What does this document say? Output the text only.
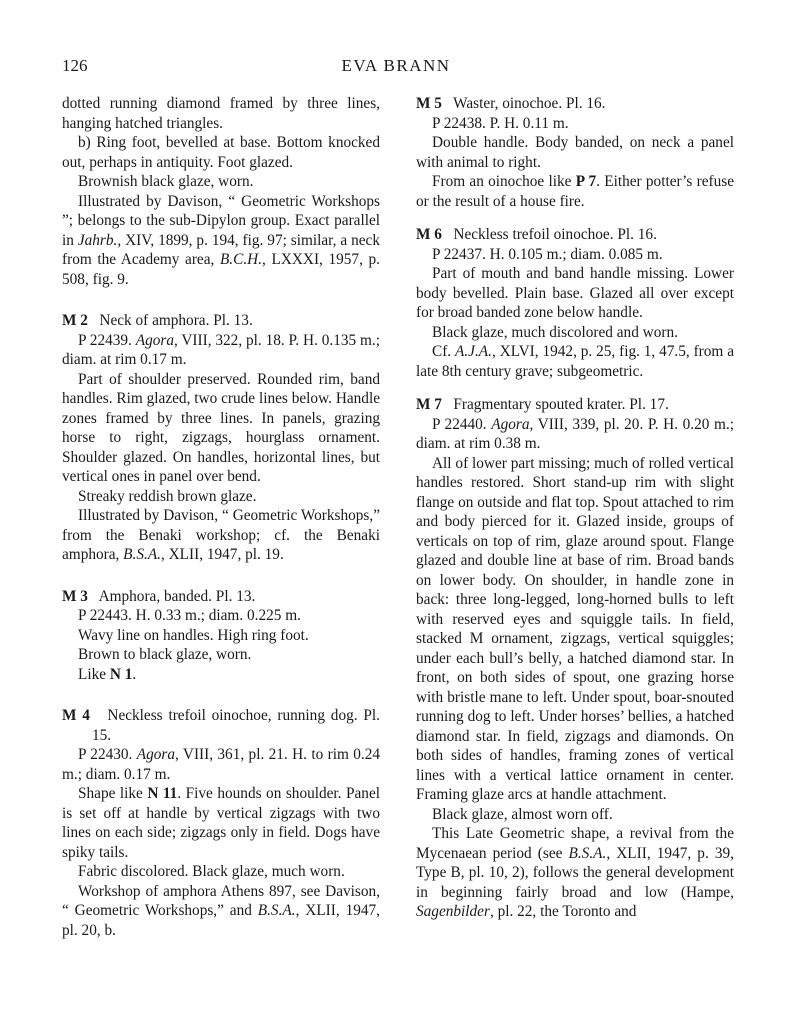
126	EVA BRANN

dotted running diamond framed by three lines, hanging hatched triangles.

b) Ring foot, bevelled at base. Bottom knocked out, perhaps in antiquity. Foot glazed.

Brownish black glaze, worn.

Illustrated by Davison, “ Geometric Workshops ”; belongs to the sub-Dipylon group. Exact parallel in Jahrb., XIV, 1899, p. 194, fig. 97; similar, a neck from the Academy area, B.C.H., LXXXI, 1957, p. 508, fig. 9.

M 2 Neck of amphora. Pl. 13.

P 22439. Agora, VIII, 322, pl. 18. P. H. 0.135 m.; diam. at rim 0.17 m.

Part of shoulder preserved. Rounded rim, band handles. Rim glazed, two crude lines below. Handle zones framed by three lines. In panels, grazing horse to right, zigzags, hourglass ornament. Shoulder glazed. On handles, horizontal lines, but vertical ones in panel over bend.

Streaky reddish brown glaze.

Illustrated by Davison, “ Geometric Workshops,” from the Benaki workshop; cf. the Benaki amphora, B.S.A., XLII, 1947, pl. 19.

M 3 Amphora, banded. Pl. 13.

P 22443. H. 0.33 m.; diam. 0.225 m.

Wavy line on handles. High ring foot.

Brown to black glaze, worn.

Like N 1.

M 4 Neckless trefoil oinochoe, running dog. Pl. 15.

P 22430. Agora, VIII, 361, pl. 21. H. to rim 0.24 m.; diam. 0.17 m.

Shape like N 11. Five hounds on shoulder. Panel is set off at handle by vertical zigzags with two lines on each side; zigzags only in field. Dogs have spiky tails.

Fabric discolored. Black glaze, much worn.

Workshop of amphora Athens 897, see Davison, “ Geometric Workshops,” and B.S.A., XLII, 1947, pl. 20, b.

M 5 Waster, oinochoe. Pl. 16.

P 22438. P. H. 0.11 m.

Double handle. Body banded, on neck a panel with animal to right.

From an oinochoe like P 7. Either potter’s refuse or the result of a house fire.

M 6 Neckless trefoil oinochoe. Pl. 16.

P 22437. H. 0.105 m.; diam. 0.085 m.

Part of mouth and band handle missing. Lower body bevelled. Plain base. Glazed all over except for broad banded zone below handle.

Black glaze, much discolored and worn.

Cf. A.J.A., XLVI, 1942, p. 25, fig. 1, 47.5, from a late 8th century grave; subgeometric.

M 7 Fragmentary spouted krater. Pl. 17.

P 22440. Agora, VIII, 339, pl. 20. P. H. 0.20 m.; diam. at rim 0.38 m.

All of lower part missing; much of rolled vertical handles restored. Short stand-up rim with slight flange on outside and flat top. Spout attached to rim and body pierced for it. Glazed inside, groups of verticals on top of rim, glaze around spout. Flange glazed and double line at base of rim. Broad bands on lower body. On shoulder, in handle zone in back: three long-legged, long-horned bulls to left with reserved eyes and squiggle tails. In field, stacked M ornament, zigzags, vertical squiggles; under each bull’s belly, a hatched diamond star. In front, on both sides of spout, one grazing horse with bristle mane to left. Under spout, boar-snouted running dog to left. Under horses’ bellies, a hatched diamond star. In field, zigzags and diamonds. On both sides of handles, framing zones of vertical lines with a vertical lattice ornament in center. Framing glaze arcs at handle attachment.

Black glaze, almost worn off.

This Late Geometric shape, a revival from the Mycenaean period (see B.S.A., XLII, 1947, p. 39, Type B, pl. 10, 2), follows the general development in beginning fairly broad and low (Hampe, Sagenbilder, pl. 22, the Toronto and
